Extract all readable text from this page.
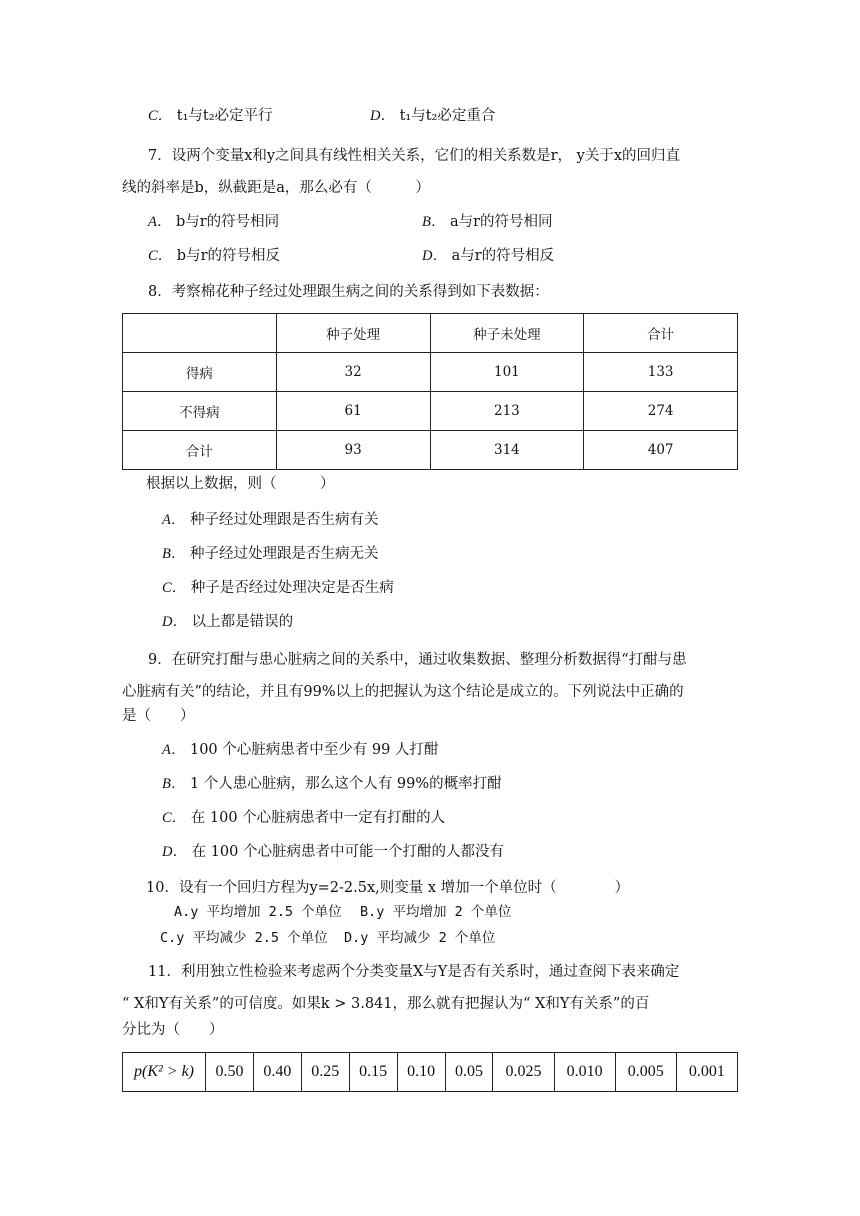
C． t₁与t₂必定平行	D． t₁与t₂必定重合
7．设两个变量x和y之间具有线性相关关系，它们的相关系数是r， y关于x的回归直
线的斜率是b，纵截距是a，那么必有（　　　）
A． b与r的符号相同	B． a与r的符号相同
C． b与r的符号相反	D． a与r的符号相反
8．考察棉花种子经过处理跟生病之间的关系得到如下表数据：
	种子处理	种子未处理	合计
得病	32	101	133
不得病	61	213	274
合计	93	314	407
根据以上数据，则（　　　）
A． 种子经过处理跟是否生病有关
B． 种子经过处理跟是否生病无关
C． 种子是否经过处理决定是否生病
D． 以上都是错误的
9．在研究打酣与患心脏病之间的关系中，通过收集数据、整理分析数据得“打酣与患
心脏病有关”的结论，并且有99%以上的把握认为这个结论是成立的。下列说法中正确的
是（　　）
A． 100 个心脏病患者中至少有 99 人打酣
B． 1 个人患心脏病，那么这个人有 99%的概率打酣
C． 在 100 个心脏病患者中一定有打酣的人
D． 在 100 个心脏病患者中可能一个打酣的人都没有
10．设有一个回归方程为y=2-2.5x,则变量 x 增加一个单位时（　　　　）
A.y 平均增加 2.5 个单位 B.y 平均增加 2 个单位
C.y 平均减少 2.5 个单位 D.y 平均减少 2 个单位
11．利用独立性检验来考虑两个分类变量X与Y是否有关系时，通过查阅下表来确定
“ X和Y有关系”的可信度。如果k > 3.841，那么就有把握认为“ X和Y有关系”的百
分比为（　　）
p(K² > k)	0.50	0.40	0.25	0.15	0.10	0.05	0.025	0.010	0.005	0.001
